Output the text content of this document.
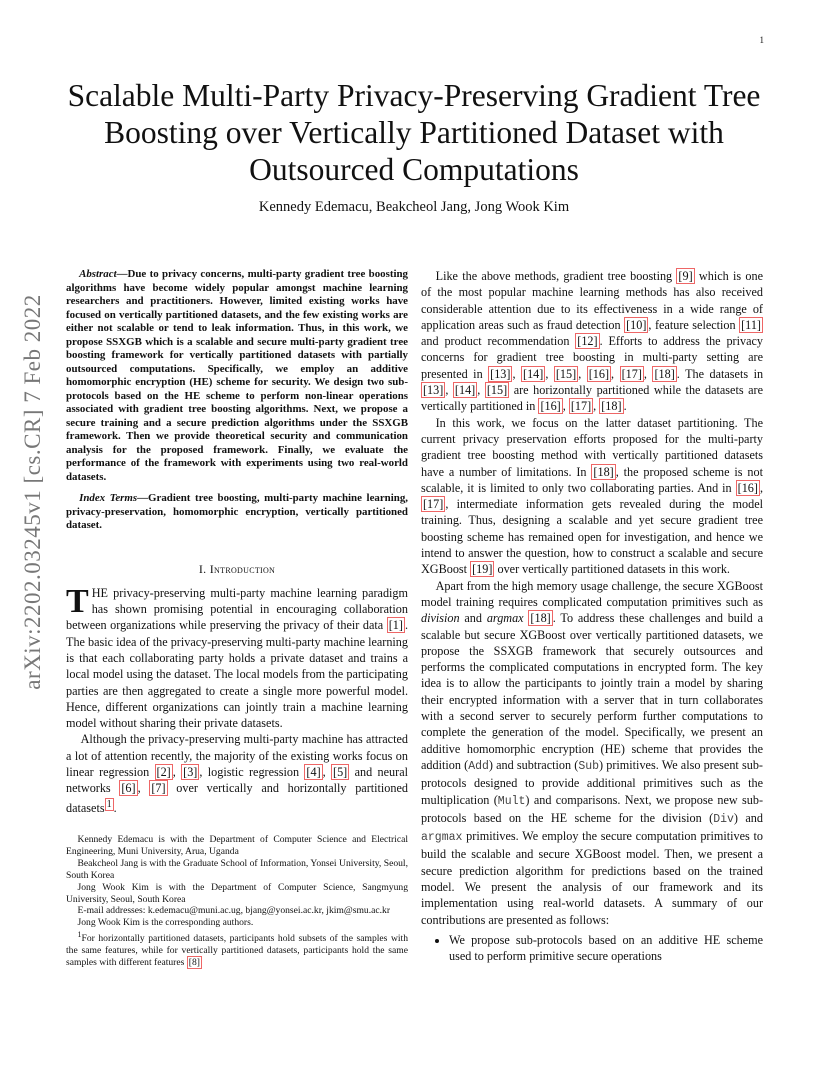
1
arXiv:2202.03245v1 [cs.CR] 7 Feb 2022
Scalable Multi-Party Privacy-Preserving Gradient Tree Boosting over Vertically Partitioned Dataset with Outsourced Computations
Kennedy Edemacu, Beakcheol Jang, Jong Wook Kim

Abstract—Due to privacy concerns, multi-party gradient tree boosting algorithms have become widely popular amongst machine learning researchers and practitioners. However, limited existing works have focused on vertically partitioned datasets, and the few existing works are either not scalable or tend to leak information. Thus, in this work, we propose SSXGB which is a scalable and secure multi-party gradient tree boosting framework for vertically partitioned datasets with partially outsourced computations. Specifically, we employ an additive homomorphic encryption (HE) scheme for security. We design two sub-protocols based on the HE scheme to perform non-linear operations associated with gradient tree boosting algorithms. Next, we propose a secure training and a secure prediction algorithms under the SSXGB framework. Then we provide theoretical security and communication analysis for the proposed framework. Finally, we evaluate the performance of the framework with experiments using two real-world datasets.

Index Terms—Gradient tree boosting, multi-party machine learning, privacy-preservation, homomorphic encryption, vertically partitioned dataset.

I. Introduction

THE privacy-preserving multi-party machine learning paradigm has shown promising potential in encouraging collaboration between organizations while preserving the privacy of their data [1] . The basic idea of the privacy-preserving multi-party machine learning is that each collaborating party holds a private dataset and trains a local model using the dataset. The local models from the participating parties are then aggregated to create a single more powerful model. Hence, different organizations can jointly train a machine learning model without sharing their private datasets.

Although the privacy-preserving multi-party machine has attracted a lot of attention recently, the majority of the existing works focus on linear regression [2] , [3] , logistic regression [4] , [5] and neural networks [6] , [7] over vertically and horizontally partitioned datasets $^1$ .

Kennedy Edemacu is with the Department of Computer Science and Electrical Engineering, Muni University, Arua, Uganda

Beakcheol Jang is with the Graduate School of Information, Yonsei University, Seoul, South Korea

Jong Wook Kim is with the Department of Computer Science, Sangmyung University, Seoul, South Korea

E-mail addresses: k.edemacu@muni.ac.ug, bjang@yonsei.ac.kr, jkim@smu.ac.kr

Jong Wook Kim is the corresponding authors.

$^1$For horizontally partitioned datasets, participants hold subsets of the samples with the same features, while for vertically partitioned datasets, participants hold the same samples with different features [8]

Like the above methods, gradient tree boosting [9] which is one of the most popular machine learning methods has also received considerable attention due to its effectiveness in a wide range of application areas such as fraud detection [10] , feature selection [11] and product recommendation [12] . Efforts to address the privacy concerns for gradient tree boosting in multi-party setting are presented in [13] , [14] , [15] , [16] , [17] , [18] . The datasets in [13] , [14] , [15] are horizontally partitioned while the datasets are vertically partitioned in [16] , [17] , [18] .

In this work, we focus on the latter dataset partitioning. The current privacy preservation efforts proposed for the multi-party gradient tree boosting method with vertically partitioned datasets have a number of limitations. In [18] , the proposed scheme is not scalable, it is limited to only two collaborating parties. And in [16] , [17] , intermediate information gets revealed during the model training. Thus, designing a scalable and yet secure gradient tree boosting scheme has remained open for investigation, and hence we intend to answer the question, how to construct a scalable and secure XGBoost [19] over vertically partitioned datasets in this work.

Apart from the high memory usage challenge, the secure XGBoost model training requires complicated computation primitives such as division and argmax [18] . To address these challenges and build a scalable but secure XGBoost over vertically partitioned datasets, we propose the SSXGB framework that securely outsources and performs the complicated computations in encrypted form. The key idea is to allow the participants to jointly train a model by sharing their encrypted information with a server that in turn collaborates with a second server to securely perform further computations to complete the generation of the model. Specifically, we present an additive homomorphic encryption (HE) scheme that provides the addition (Add) and subtraction (Sub) primitives. We also present sub-protocols designed to provide additional primitives such as the multiplication (Mult) and comparisons. Next, we propose new sub-protocols based on the HE scheme for the division (Div) and argmax primitives. We employ the secure computation primitives to build the scalable and secure XGBoost model. Then, we present a secure prediction algorithm for predictions based on the trained model. We present the analysis of our framework and its implementation using real-world datasets. A summary of our contributions are presented as follows:

• We propose sub-protocols based on an additive HE scheme used to perform primitive secure operations
